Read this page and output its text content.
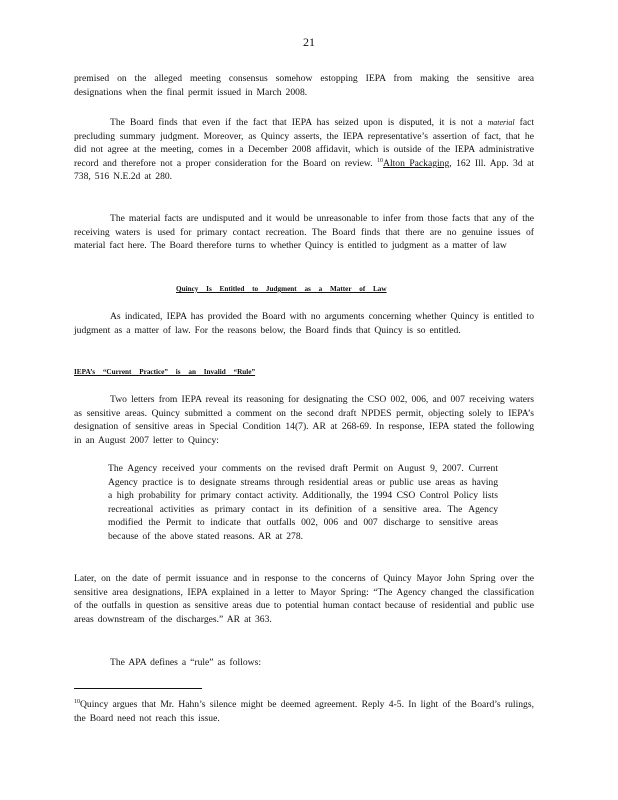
21
premised on the alleged meeting consensus somehow estopping IEPA from making the sensitive area designations when the final permit issued in March 2008.
The Board finds that even if the fact that IEPA has seized upon is disputed, it is not a material fact precluding summary judgment. Moreover, as Quincy asserts, the IEPA representative’s assertion of fact, that he did not agree at the meeting, comes in a December 2008 affidavit, which is outside of the IEPA administrative record and therefore not a proper consideration for the Board on review. $^{10}$Alton Packaging, 162 Ill. App. 3d at 738, 516 N.E.2d at 280.
The material facts are undisputed and it would be unreasonable to infer from those facts that any of the receiving waters is used for primary contact recreation. The Board finds that there are no genuine issues of material fact here. The Board therefore turns to whether Quincy is entitled to judgment as a matter of law
Quincy Is Entitled to Judgment as a Matter of Law
As indicated, IEPA has provided the Board with no arguments concerning whether Quincy is entitled to judgment as a matter of law. For the reasons below, the Board finds that Quincy is so entitled.
IEPA’s “Current Practice” is an Invalid “Rule”
Two letters from IEPA reveal its reasoning for designating the CSO 002, 006, and 007 receiving waters as sensitive areas. Quincy submitted a comment on the second draft NPDES permit, objecting solely to IEPA’s designation of sensitive areas in Special Condition 14(7). AR at 268-69. In response, IEPA stated the following in an August 2007 letter to Quincy:
The Agency received your comments on the revised draft Permit on August 9, 2007. Current Agency practice is to designate streams through residential areas or public use areas as having a high probability for primary contact activity. Additionally, the 1994 CSO Control Policy lists recreational activities as primary contact in its definition of a sensitive area. The Agency modified the Permit to indicate that outfalls 002, 006 and 007 discharge to sensitive areas because of the above stated reasons. AR at 278.
Later, on the date of permit issuance and in response to the concerns of Quincy Mayor John Spring over the sensitive area designations, IEPA explained in a letter to Mayor Spring: “The Agency changed the classification of the outfalls in question as sensitive areas due to potential human contact because of residential and public use areas downstream of the discharges.” AR at 363.
The APA defines a “rule” as follows:
$^{10}$Quincy argues that Mr. Hahn’s silence might be deemed agreement. Reply 4-5. In light of the Board’s rulings, the Board need not reach this issue.
